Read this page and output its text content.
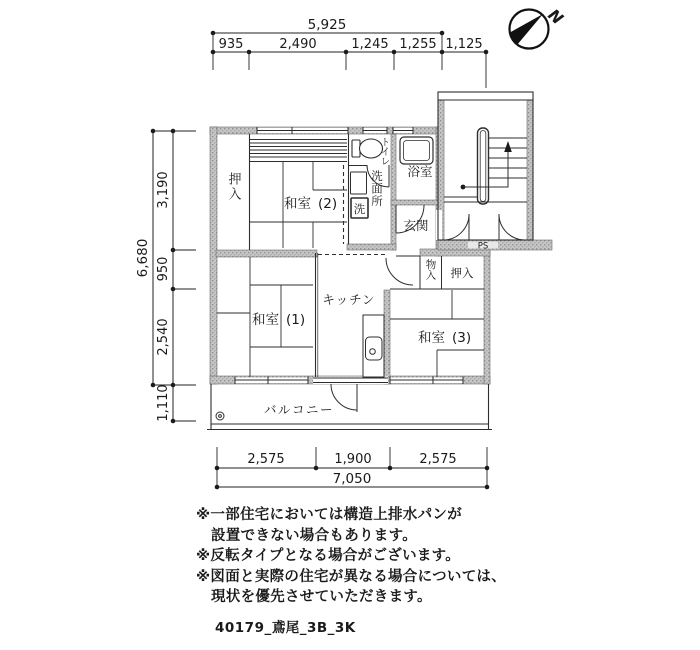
5,925
935	2,490	1,245 1,255 1,125
6,680
3,190
950
2,540
1,110
2,575	1,900	2,575
7,050
N
押入
和室 (2)
トイレ
洗面所
洗
浴室
玄関
PS
物入 押入
和室 (1)
キッチン
和室 (3)
バルコニー
※一部住宅においては構造上排水パンが
設置できない場合もあります。
※反転タイプとなる場合がございます。
※図面と実際の住宅が異なる場合については、
現状を優先させていただきます。
40179_鳶尾_3B_3K
